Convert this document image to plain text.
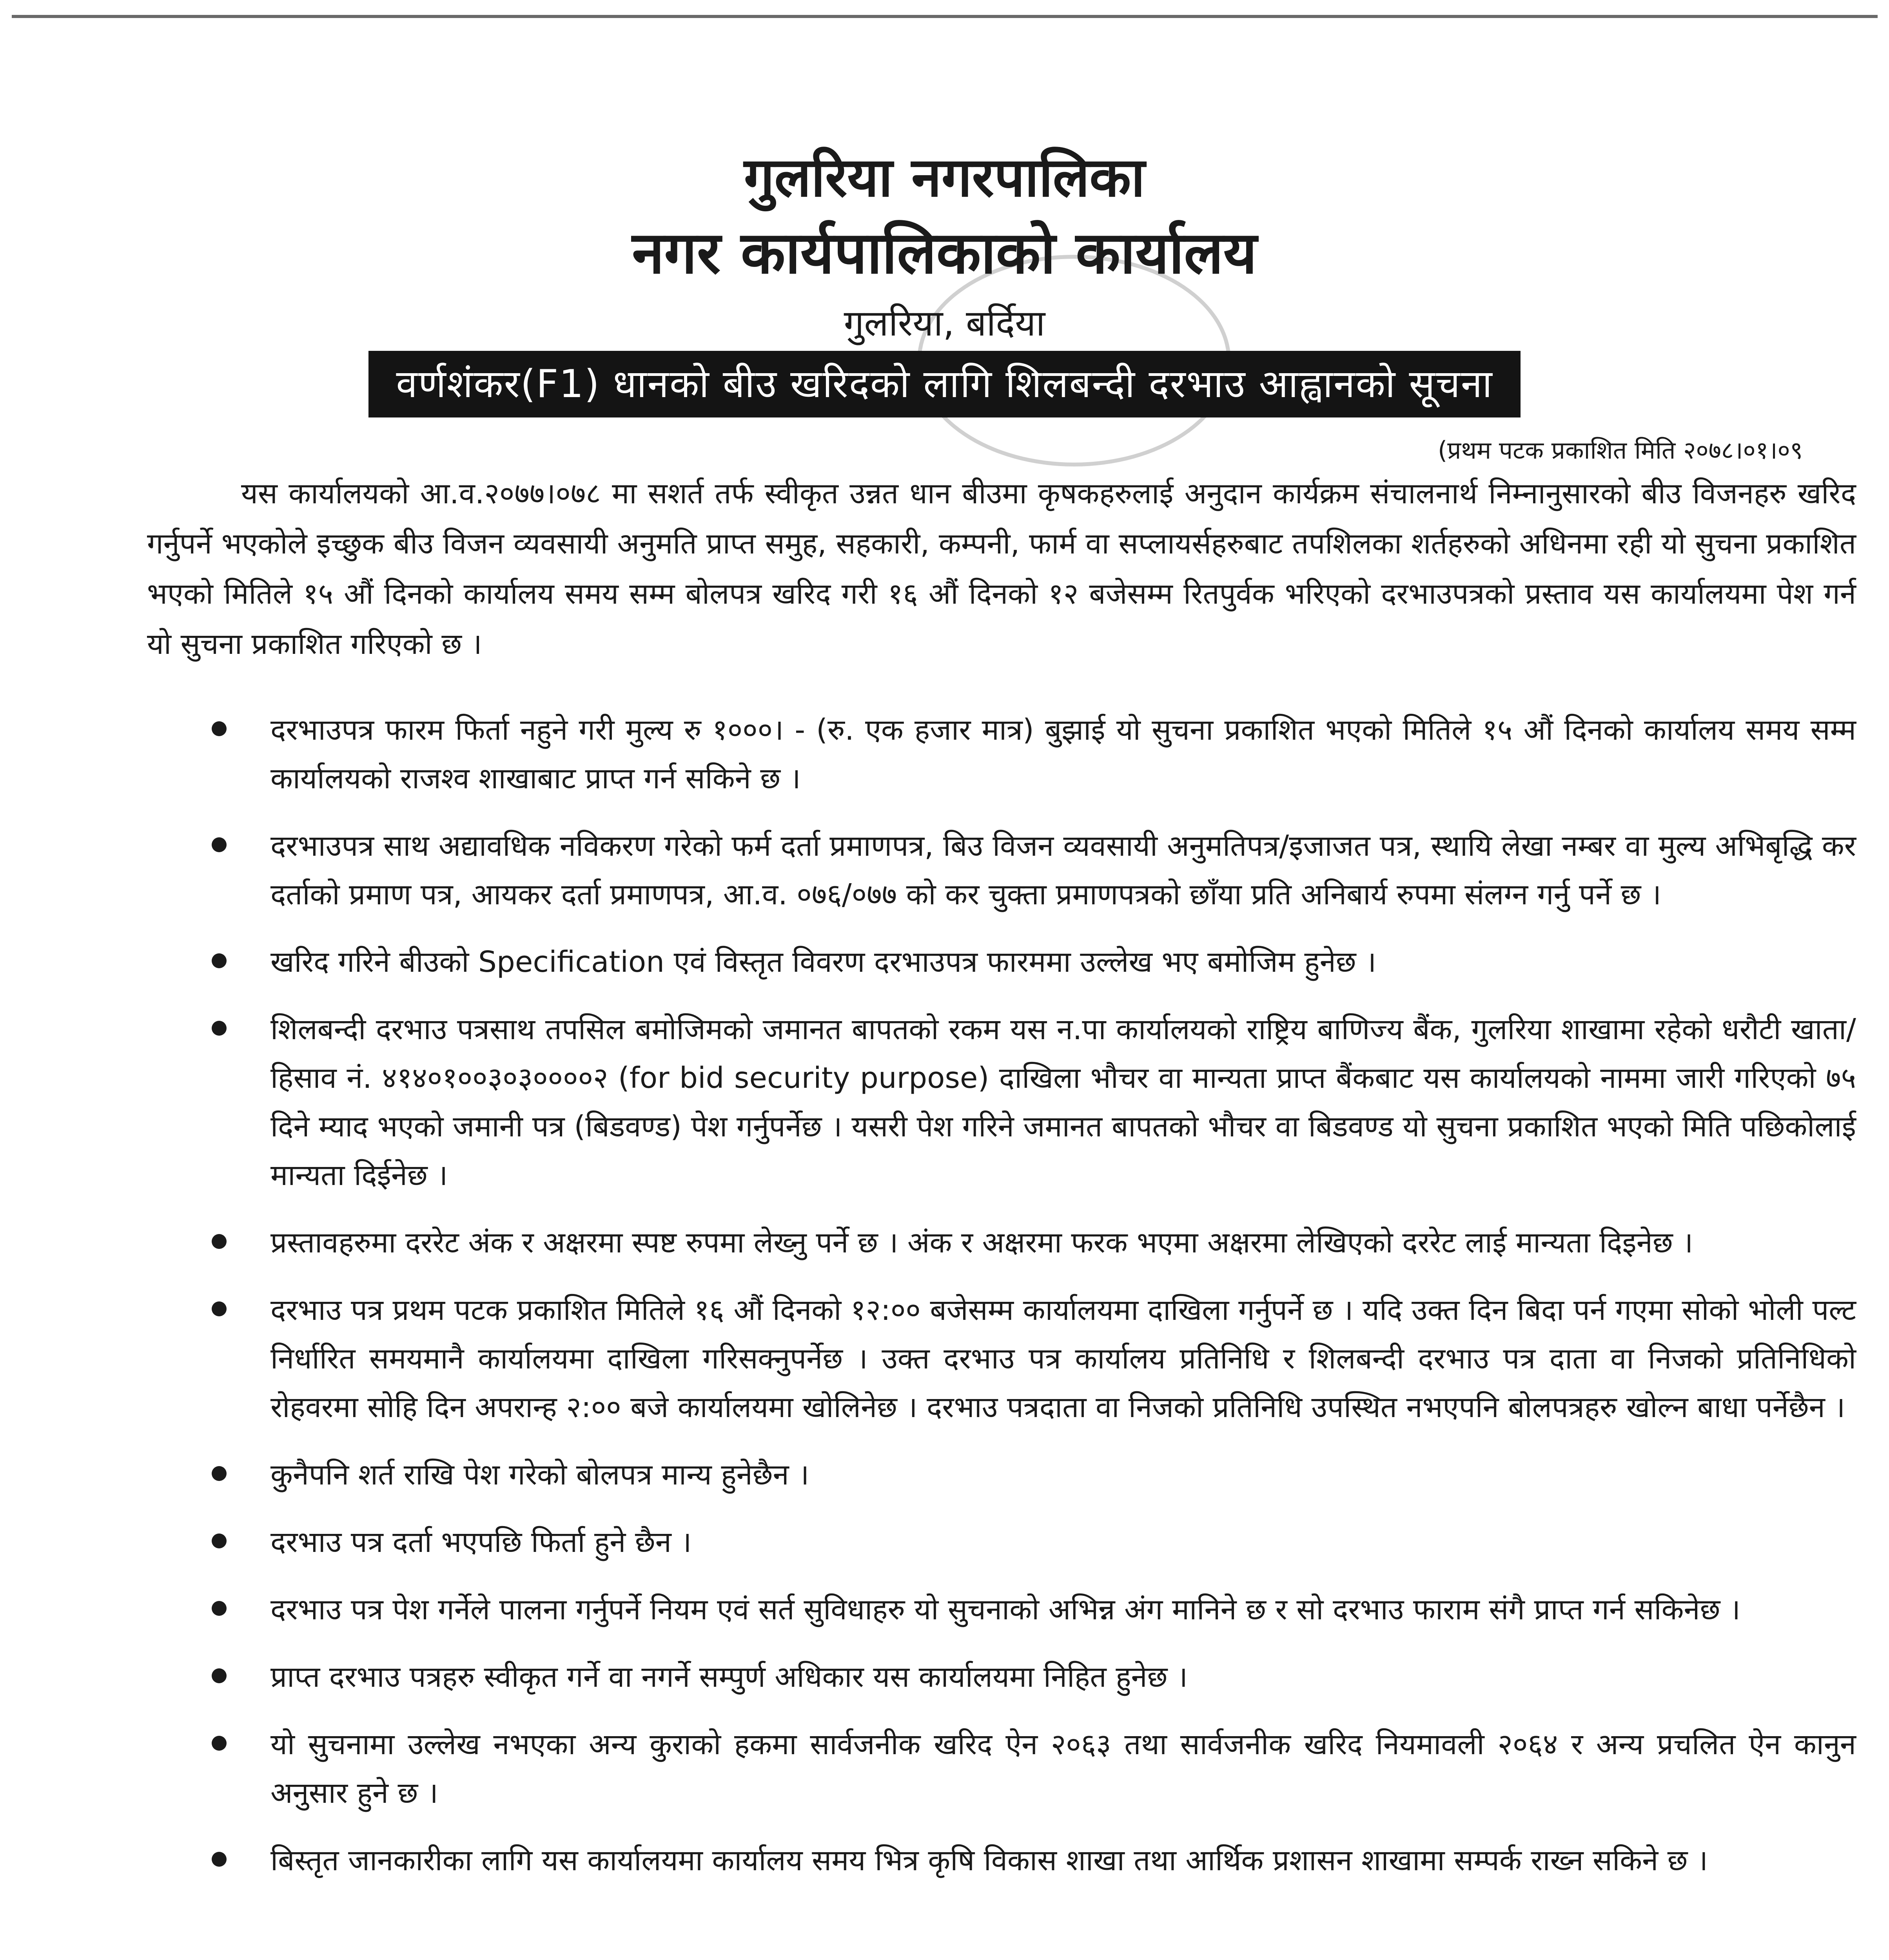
गुलरिया नगरपालिका
नगर कार्यपालिकाको कार्यालय
गुलरिया, बर्दिया
वर्णशंकर(F1) धानको बीउ खरिदको लागि शिलबन्दी दरभाउ आह्वानको सूचना
(प्रथम पटक प्रकाशित मिति २०७८।०१।०९
यस कार्यालयको आ.व.२०७७।०७८ मा सशर्त तर्फ स्वीकृत उन्नत धान बीउमा कृषकहरुलाई अनुदान कार्यक्रम संचालनार्थ निम्नानुसारको बीउ विजनहरु खरिद गर्नुपर्ने भएकोले इच्छुक बीउ विजन व्यवसायी अनुमति प्राप्त समुह, सहकारी, कम्पनी, फार्म वा सप्लायर्सहरुबाट तपशिलका शर्तहरुको अधिनमा रही यो सुचना प्रकाशित भएको मितिले १५ औं दिनको कार्यालय समय सम्म बोलपत्र खरिद गरी १६ औं दिनको १२ बजेसम्म रितपुर्वक भरिएको दरभाउपत्रको प्रस्ताव यस कार्यालयमा पेश गर्न यो सुचना प्रकाशित गरिएको छ ।
दरभाउपत्र फारम फिर्ता नहुने गरी मुल्य रु १०००। - (रु. एक हजार मात्र) बुझाई यो सुचना प्रकाशित भएको मितिले १५ औं दिनको कार्यालय समय सम्म कार्यालयको राजश्व शाखाबाट प्राप्त गर्न सकिने छ ।
दरभाउपत्र साथ अद्यावधिक नविकरण गरेको फर्म दर्ता प्रमाणपत्र, बिउ विजन व्यवसायी अनुमतिपत्र/इजाजत पत्र, स्थायि लेखा नम्बर वा मुल्य अभिबृद्धि कर दर्ताको प्रमाण पत्र, आयकर दर्ता प्रमाणपत्र, आ.व. ०७६/०७७ को कर चुक्ता प्रमाणपत्रको छाँया प्रति अनिबार्य रुपमा संलग्न गर्नु पर्ने छ ।
खरिद गरिने बीउको Specification एवं विस्तृत विवरण दरभाउपत्र फारममा उल्लेख भए बमोजिम हुनेछ ।
शिलबन्दी दरभाउ पत्रसाथ तपसिल बमोजिमको जमानत बापतको रकम यस न.पा कार्यालयको राष्ट्रिय बाणिज्य बैंक, गुलरिया शाखामा रहेको धरौटी खाता/हिसाव नं. ४१४०१००३०३००००२ (for bid security purpose) दाखिला भौचर वा मान्यता प्राप्त बैंकबाट यस कार्यालयको नाममा जारी गरिएको ७५ दिने म्याद भएको जमानी पत्र (बिडवण्ड) पेश गर्नुपर्नेछ । यसरी पेश गरिने जमानत बापतको भौचर वा बिडवण्ड यो सुचना प्रकाशित भएको मिति पछिकोलाई मान्यता दिईनेछ ।
प्रस्तावहरुमा दररेट अंक र अक्षरमा स्पष्ट रुपमा लेख्नु पर्ने छ । अंक र अक्षरमा फरक भएमा अक्षरमा लेखिएको दररेट लाई मान्यता दिइनेछ ।
दरभाउ पत्र प्रथम पटक प्रकाशित मितिले १६ औं दिनको १२:०० बजेसम्म कार्यालयमा दाखिला गर्नुपर्ने छ । यदि उक्त दिन बिदा पर्न गएमा सोको भोली पल्ट निर्धारित समयमानै कार्यालयमा दाखिला गरिसक्नुपर्नेछ । उक्त दरभाउ पत्र कार्यालय प्रतिनिधि र शिलबन्दी दरभाउ पत्र दाता वा निजको प्रतिनिधिको रोहवरमा सोहि दिन अपरान्ह २:०० बजे कार्यालयमा खोलिनेछ । दरभाउ पत्रदाता वा निजको प्रतिनिधि उपस्थित नभएपनि बोलपत्रहरु खोल्न बाधा पर्नेछैन ।
कुनैपनि शर्त राखि पेश गरेको बोलपत्र मान्य हुनेछैन ।
दरभाउ पत्र दर्ता भएपछि फिर्ता हुने छैन ।
दरभाउ पत्र पेश गर्नेले पालना गर्नुपर्ने नियम एवं सर्त सुविधाहरु यो सुचनाको अभिन्न अंग मानिने छ र सो दरभाउ फाराम संगै प्राप्त गर्न सकिनेछ ।
प्राप्त दरभाउ पत्रहरु स्वीकृत गर्ने वा नगर्ने सम्पुर्ण अधिकार यस कार्यालयमा निहित हुनेछ ।
यो सुचनामा उल्लेख नभएका अन्य कुराको हकमा सार्वजनीक खरिद ऐन २०६३ तथा सार्वजनीक खरिद नियमावली २०६४ र अन्य प्रचलित ऐन कानुन अनुसार हुने छ ।
बिस्तृत जानकारीका लागि यस कार्यालयमा कार्यालय समय भित्र कृषि विकास शाखा तथा आर्थिक प्रशासन शाखामा सम्पर्क राख्न सकिने छ ।
